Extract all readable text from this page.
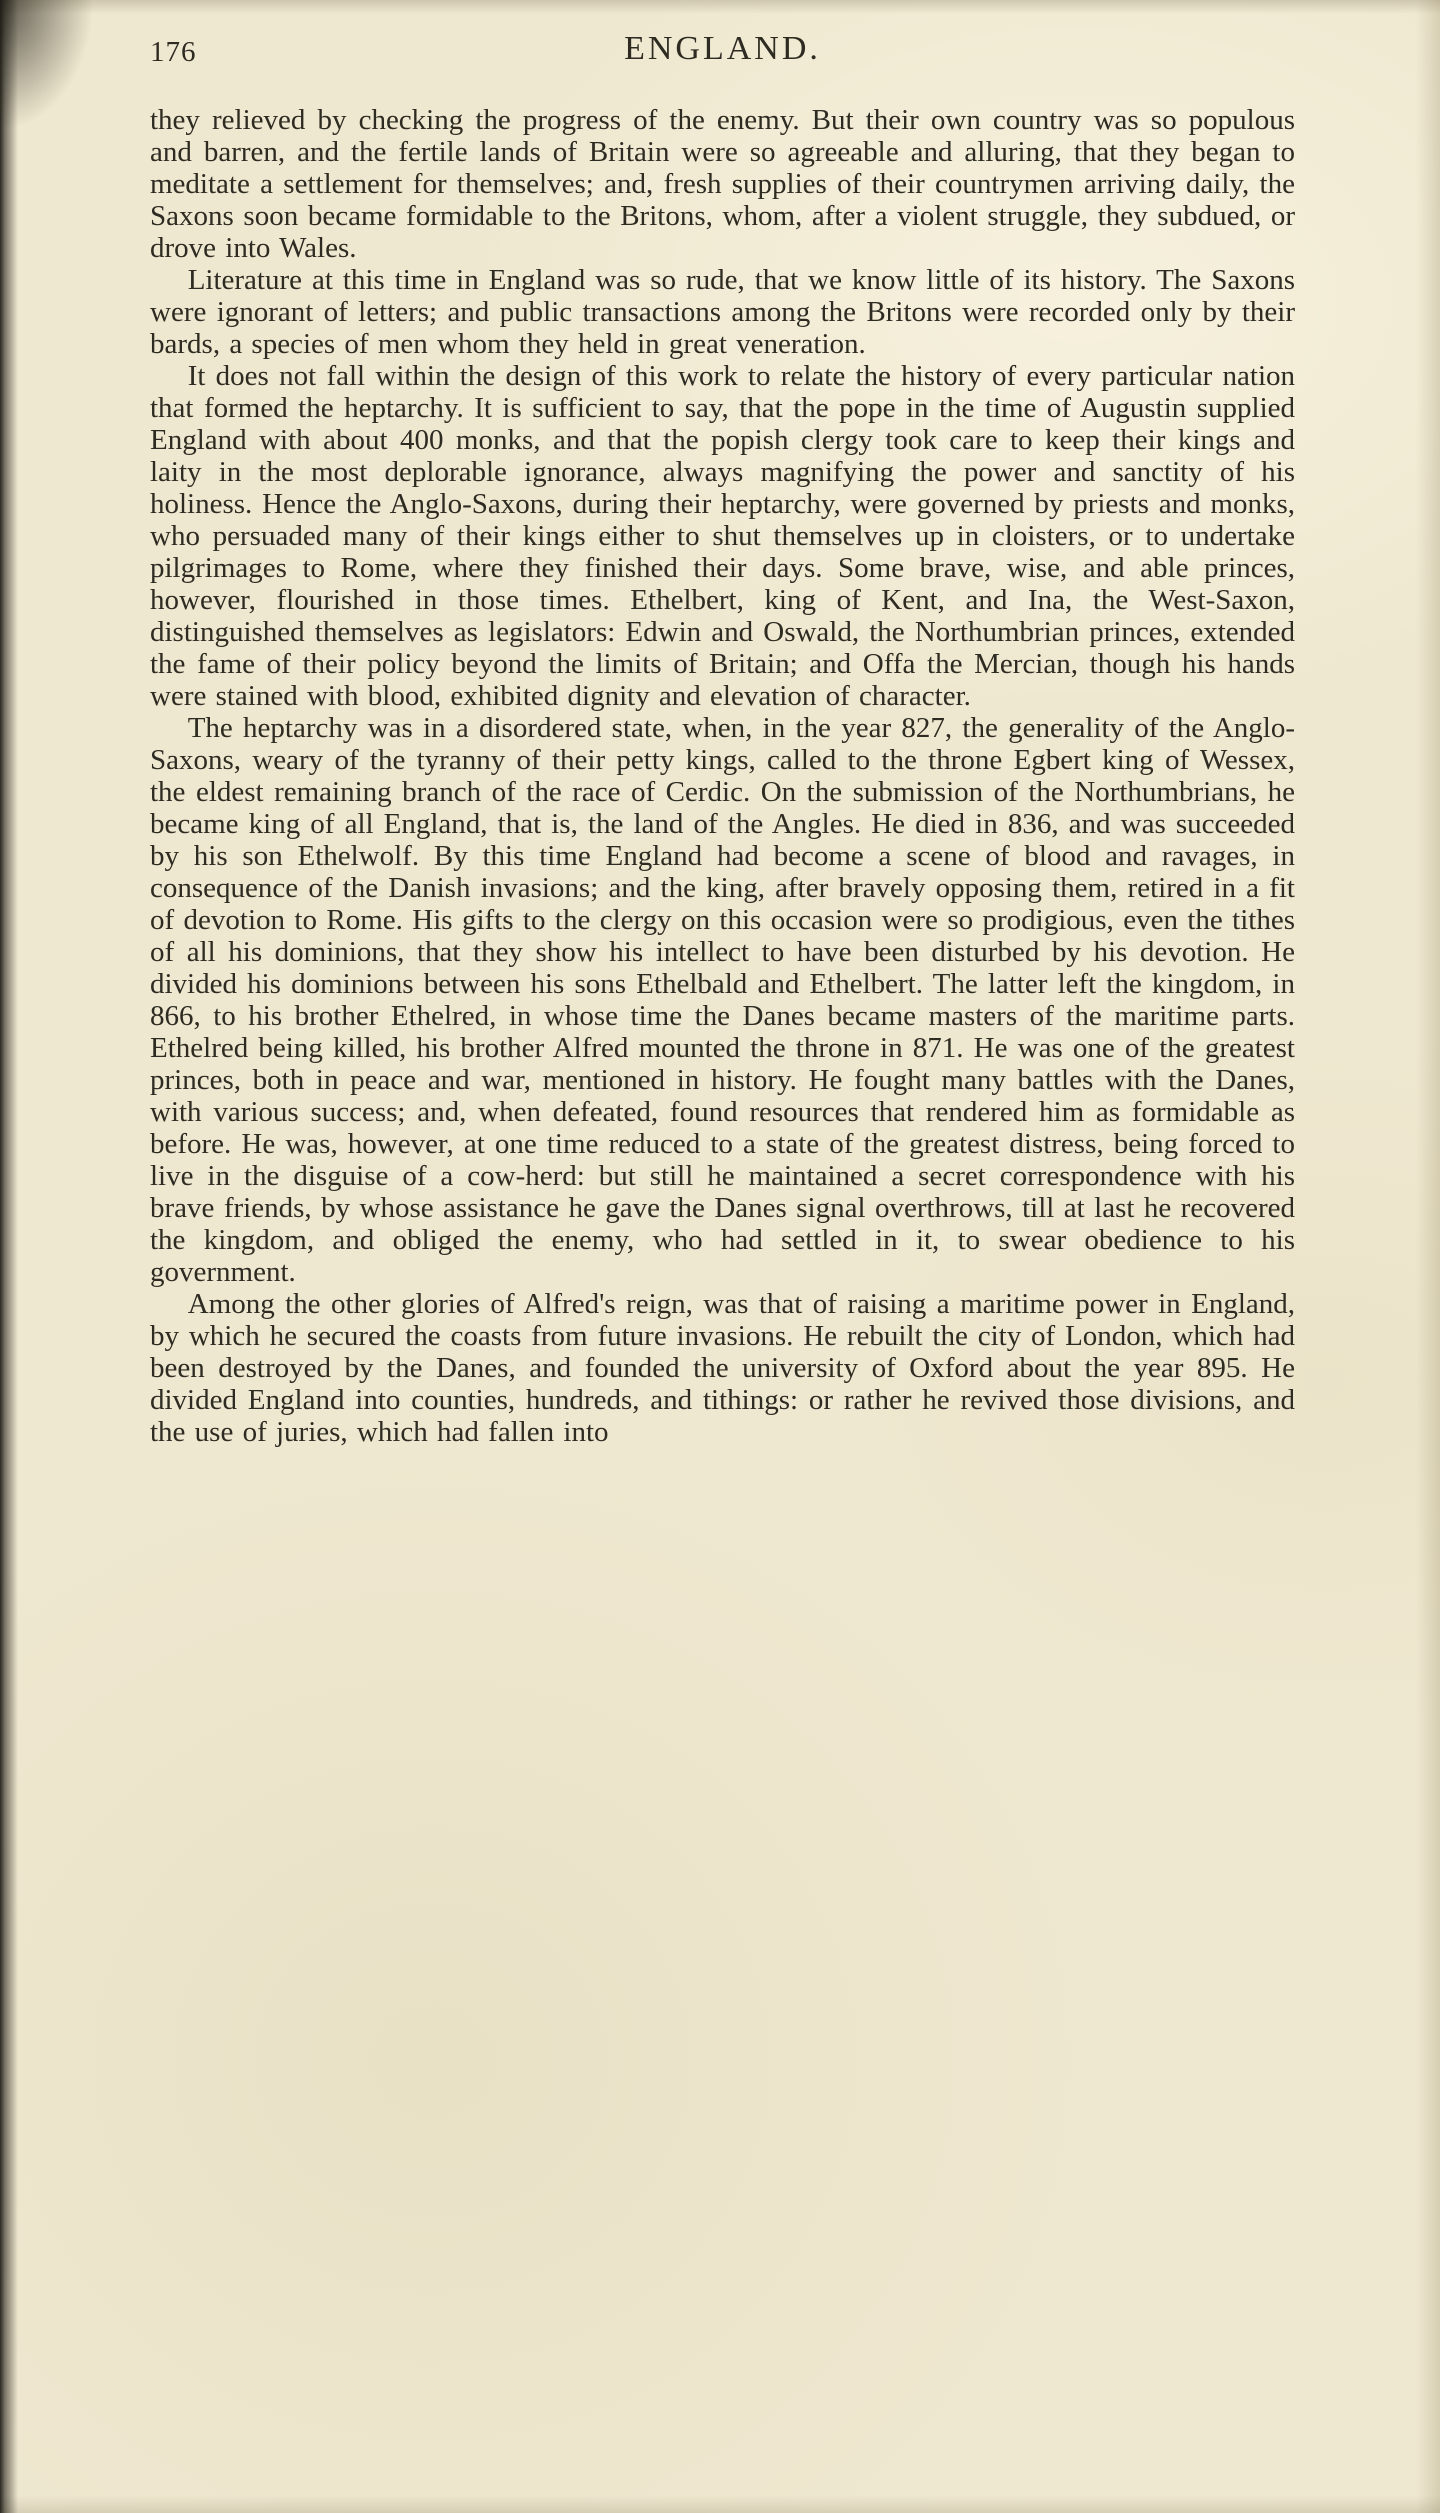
176	ENGLAND.

they relieved by checking the progress of the enemy. But their own country was so populous and barren, and the fertile lands of Britain were so agreeable and alluring, that they began to meditate a settlement for themselves; and, fresh supplies of their countrymen arriving daily, the Saxons soon became formidable to the Britons, whom, after a violent struggle, they subdued, or drove into Wales.

Literature at this time in England was so rude, that we know little of its history. The Saxons were ignorant of letters; and public transactions among the Britons were recorded only by their bards, a species of men whom they held in great veneration.

It does not fall within the design of this work to relate the history of every particular nation that formed the heptarchy. It is sufficient to say, that the pope in the time of Augustin supplied England with about 400 monks, and that the popish clergy took care to keep their kings and laity in the most deplorable ignorance, always magnifying the power and sanctity of his holiness. Hence the Anglo-Saxons, during their heptarchy, were governed by priests and monks, who persuaded many of their kings either to shut themselves up in cloisters, or to undertake pilgrimages to Rome, where they finished their days. Some brave, wise, and able princes, however, flourished in those times. Ethelbert, king of Kent, and Ina, the West-Saxon, distinguished themselves as legislators: Edwin and Oswald, the Northumbrian princes, extended the fame of their policy beyond the limits of Britain; and Offa the Mercian, though his hands were stained with blood, exhibited dignity and elevation of character.

The heptarchy was in a disordered state, when, in the year 827, the generality of the Anglo-Saxons, weary of the tyranny of their petty kings, called to the throne Egbert king of Wessex, the eldest remaining branch of the race of Cerdic. On the submission of the Northumbrians, he became king of all England, that is, the land of the Angles. He died in 836, and was succeeded by his son Ethelwolf. By this time England had become a scene of blood and ravages, in consequence of the Danish invasions; and the king, after bravely opposing them, retired in a fit of devotion to Rome. His gifts to the clergy on this occasion were so prodigious, even the tithes of all his dominions, that they show his intellect to have been disturbed by his devotion. He divided his dominions between his sons Ethelbald and Ethelbert. The latter left the kingdom, in 866, to his brother Ethelred, in whose time the Danes became masters of the maritime parts. Ethelred being killed, his brother Alfred mounted the throne in 871. He was one of the greatest princes, both in peace and war, mentioned in history. He fought many battles with the Danes, with various success; and, when defeated, found resources that rendered him as formidable as before. He was, however, at one time reduced to a state of the greatest distress, being forced to live in the disguise of a cow-herd: but still he maintained a secret correspondence with his brave friends, by whose assistance he gave the Danes signal overthrows, till at last he recovered the kingdom, and obliged the enemy, who had settled in it, to swear obedience to his government.

Among the other glories of Alfred's reign, was that of raising a maritime power in England, by which he secured the coasts from future invasions. He rebuilt the city of London, which had been destroyed by the Danes, and founded the university of Oxford about the year 895. He divided England into counties, hundreds, and tithings: or rather he revived those divisions, and the use of juries, which had fallen into
